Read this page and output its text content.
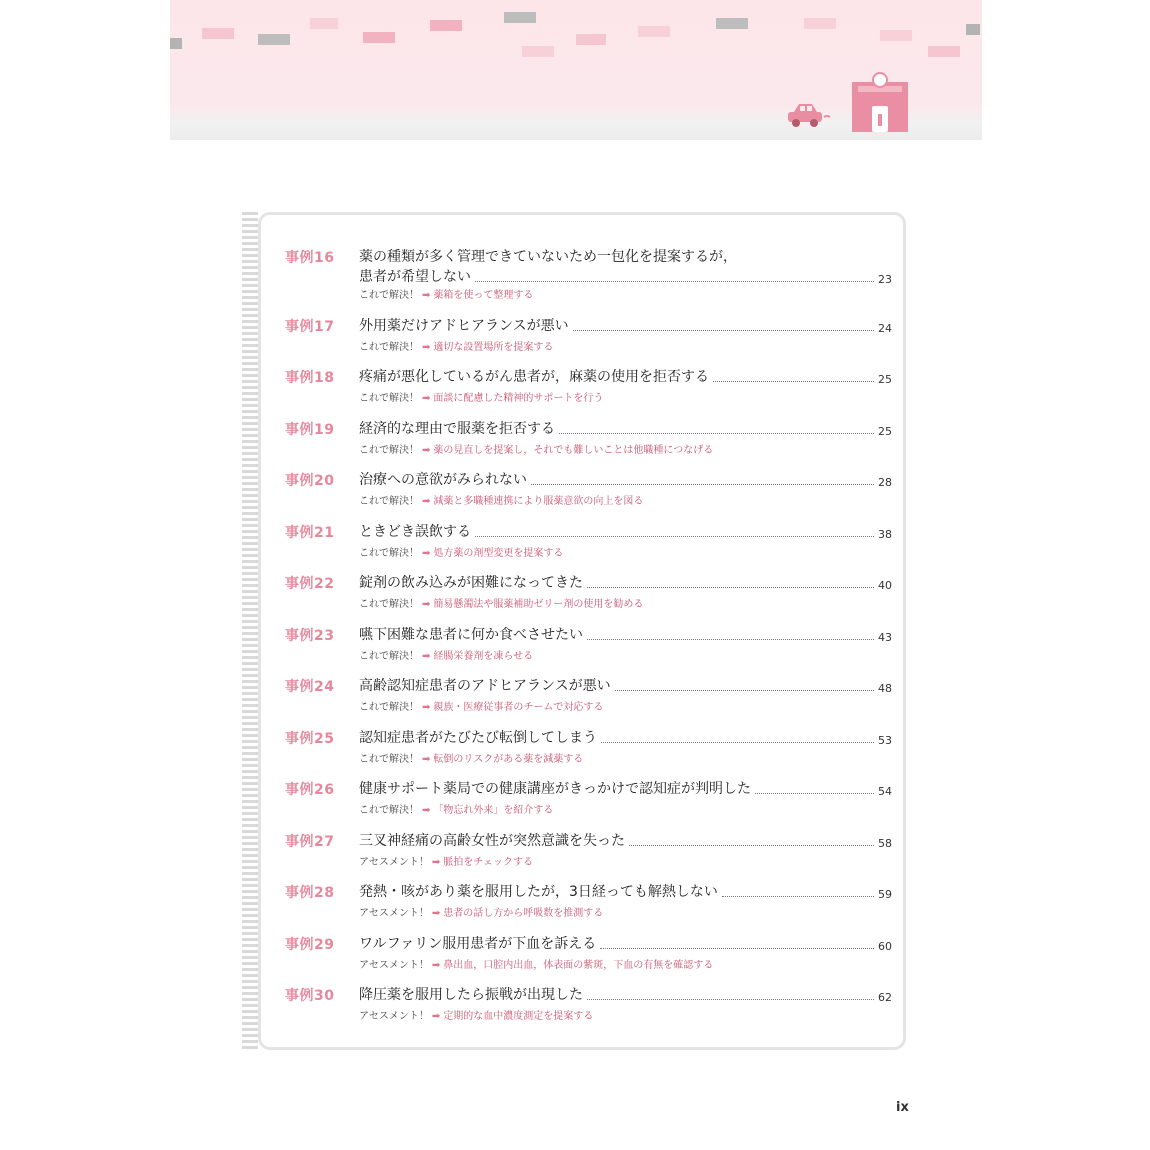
事例16	薬の種類が多く管理できていないため一包化を提案するが，
患者が希望しない	23
これで解決！ ➡ 薬箱を使って整理する
事例17	外用薬だけアドヒアランスが悪い	24
これで解決！ ➡ 適切な設置場所を提案する
事例18	疼痛が悪化しているがん患者が，麻薬の使用を拒否する	25
これで解決！ ➡ 面談に配慮した精神的サポートを行う
事例19	経済的な理由で服薬を拒否する	25
これで解決！ ➡ 薬の見直しを提案し，それでも難しいことは他職種につなげる
事例20	治療への意欲がみられない	28
これで解決！ ➡ 減薬と多職種連携により服薬意欲の向上を図る
事例21	ときどき誤飲する	38
これで解決！ ➡ 処方薬の剤型変更を提案する
事例22	錠剤の飲み込みが困難になってきた	40
これで解決！ ➡ 簡易懸濁法や服薬補助ゼリー剤の使用を勧める
事例23	嚥下困難な患者に何か食べさせたい	43
これで解決！ ➡ 経腸栄養剤を凍らせる
事例24	高齢認知症患者のアドヒアランスが悪い	48
これで解決！ ➡ 親族・医療従事者のチームで対応する
事例25	認知症患者がたびたび転倒してしまう	53
これで解決！ ➡ 転倒のリスクがある薬を減薬する
事例26	健康サポート薬局での健康講座がきっかけで認知症が判明した	54
これで解決！ ➡ 「物忘れ外来」を紹介する
事例27	三叉神経痛の高齢女性が突然意識を失った	58
アセスメント！ ➡ 脈拍をチェックする
事例28	発熱・咳があり薬を服用したが，3日経っても解熱しない	59
アセスメント！ ➡ 患者の話し方から呼吸数を推測する
事例29	ワルファリン服用患者が下血を訴える	60
アセスメント！ ➡ 鼻出血，口腔内出血，体表面の紫斑，下血の有無を確認する
事例30	降圧薬を服用したら振戦が出現した	62
アセスメント！ ➡ 定期的な血中濃度測定を提案する
ix
